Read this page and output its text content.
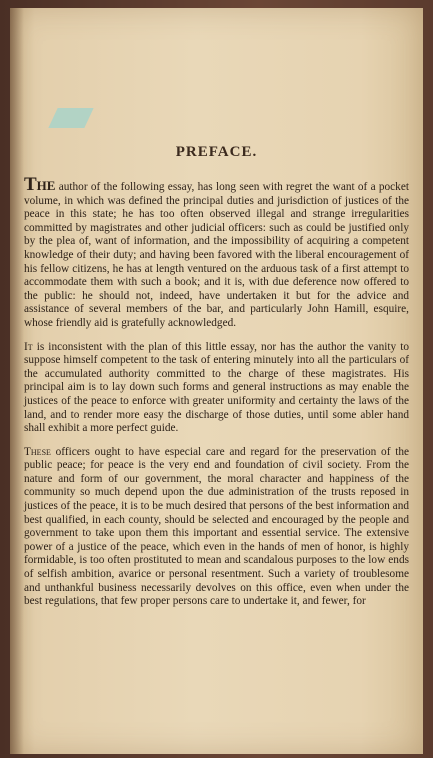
PREFACE.

The author of the following essay, has long seen with regret the want of a pocket volume, in which was defined the principal duties and jurisdiction of justices of the peace in this state; he has too often observed illegal and strange irregularities committed by magistrates and other judicial officers: such as could be justified only by the plea of, want of information, and the impossibility of acquiring a competent knowledge of their duty; and having been favored with the liberal encouragement of his fellow citizens, he has at length ventured on the arduous task of a first attempt to accommodate them with such a book; and it is, with due deference now offered to the public: he should not, indeed, have undertaken it but for the advice and assistance of several members of the bar, and particularly John Hamill, esquire, whose friendly aid is gratefully acknowledged.

It is inconsistent with the plan of this little essay, nor has the author the vanity to suppose himself competent to the task of entering minutely into all the particulars of the accumulated authority committed to the charge of these magistrates. His principal aim is to lay down such forms and general instructions as may enable the justices of the peace to enforce with greater uniformity and certainty the laws of the land, and to render more easy the discharge of those duties, until some abler hand shall exhibit a more perfect guide.

These officers ought to have especial care and regard for the preservation of the public peace; for peace is the very end and foundation of civil society. From the nature and form of our government, the moral character and happiness of the community so much depend upon the due administration of the trusts reposed in justices of the peace, it is to be much desired that persons of the best information and best qualified, in each county, should be selected and encouraged by the people and government to take upon them this important and essential service. The extensive power of a justice of the peace, which even in the hands of men of honor, is highly formidable, is too often prostituted to mean and scandalous purposes to the low ends of selfish ambition, avarice or personal resentment. Such a variety of troublesome and unthankful business necessarily devolves on this office, even when under the best regulations, that few proper persons care to undertake it, and fewer, for
